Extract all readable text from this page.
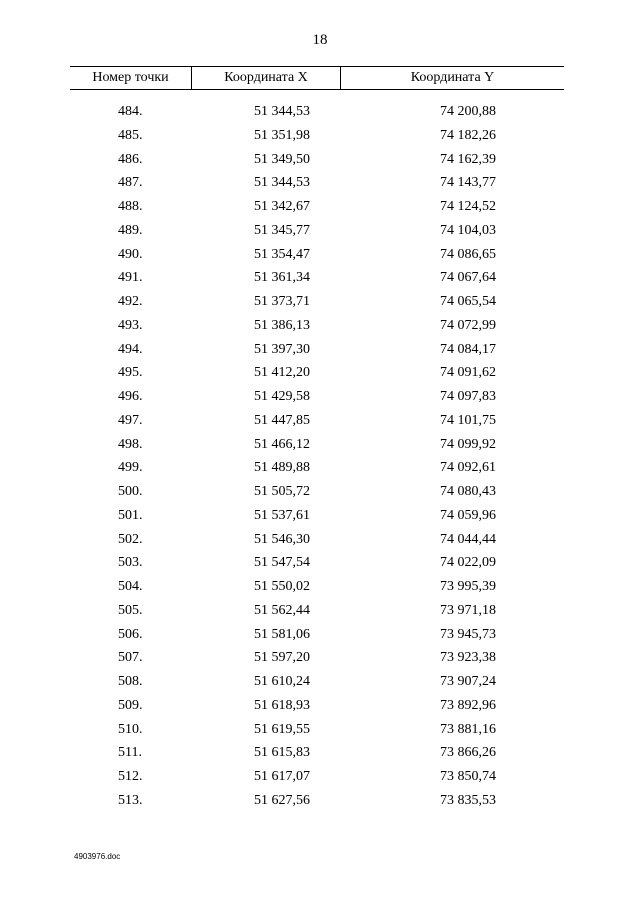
18
Номер точки	Координата X	Координата Y
484.	51 344,53	74 200,88
485.	51 351,98	74 182,26
486.	51 349,50	74 162,39
487.	51 344,53	74 143,77
488.	51 342,67	74 124,52
489.	51 345,77	74 104,03
490.	51 354,47	74 086,65
491.	51 361,34	74 067,64
492.	51 373,71	74 065,54
493.	51 386,13	74 072,99
494.	51 397,30	74 084,17
495.	51 412,20	74 091,62
496.	51 429,58	74 097,83
497.	51 447,85	74 101,75
498.	51 466,12	74 099,92
499.	51 489,88	74 092,61
500.	51 505,72	74 080,43
501.	51 537,61	74 059,96
502.	51 546,30	74 044,44
503.	51 547,54	74 022,09
504.	51 550,02	73 995,39
505.	51 562,44	73 971,18
506.	51 581,06	73 945,73
507.	51 597,20	73 923,38
508.	51 610,24	73 907,24
509.	51 618,93	73 892,96
510.	51 619,55	73 881,16
511.	51 615,83	73 866,26
512.	51 617,07	73 850,74
513.	51 627,56	73 835,53
4903976.doc
